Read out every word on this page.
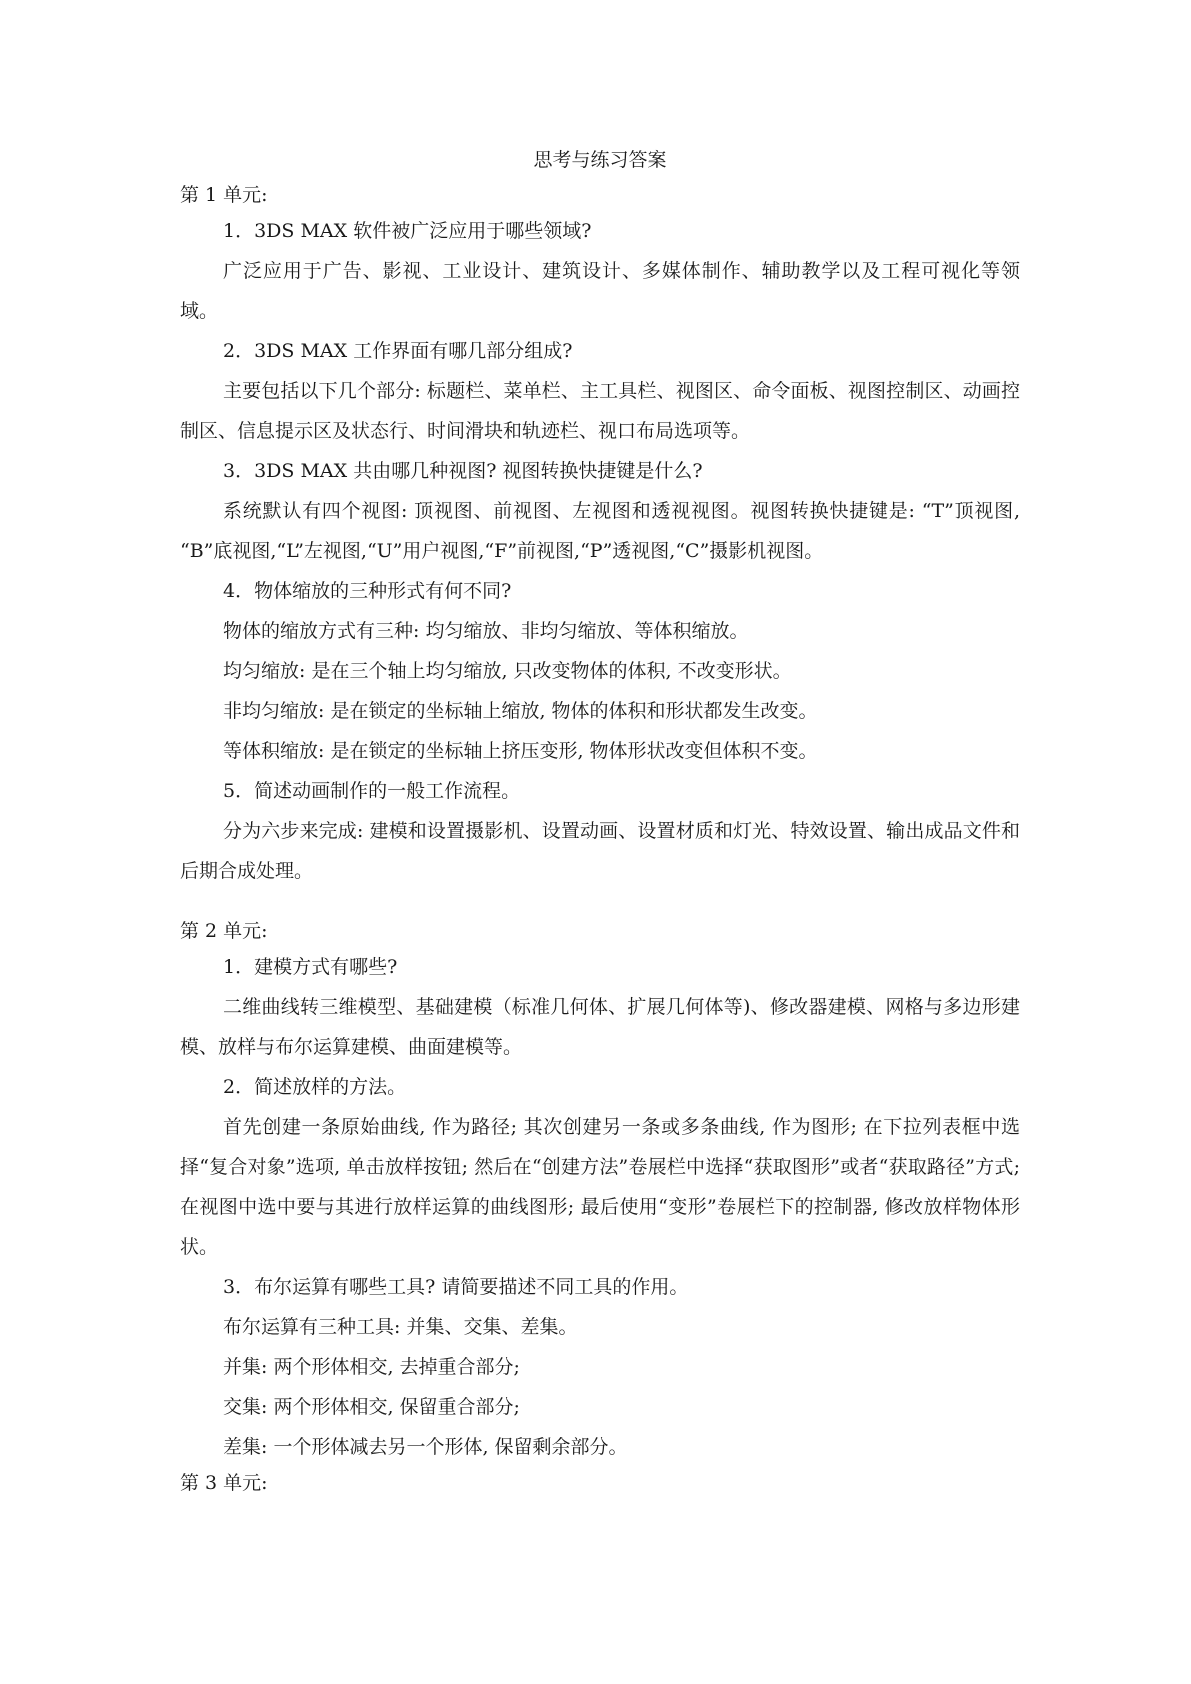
思考与练习答案

第 1 单元:

1．3DS MAX 软件被广泛应用于哪些领域?

广泛应用于广告、影视、工业设计、建筑设计、多媒体制作、辅助教学以及工程可视化等领域。

2．3DS MAX 工作界面有哪几部分组成?

主要包括以下几个部分: 标题栏、菜单栏、主工具栏、视图区、命令面板、视图控制区、动画控制区、信息提示区及状态行、时间滑块和轨迹栏、视口布局选项等。

3．3DS MAX 共由哪几种视图? 视图转换快捷键是什么?

系统默认有四个视图: 顶视图、前视图、左视图和透视视图。视图转换快捷键是: “T”顶视图, “B”底视图,“L”左视图,“U”用户视图,“F”前视图,“P”透视图,“C”摄影机视图。

4．物体缩放的三种形式有何不同?

物体的缩放方式有三种: 均匀缩放、非均匀缩放、等体积缩放。

均匀缩放: 是在三个轴上均匀缩放, 只改变物体的体积, 不改变形状。

非均匀缩放: 是在锁定的坐标轴上缩放, 物体的体积和形状都发生改变。

等体积缩放: 是在锁定的坐标轴上挤压变形, 物体形状改变但体积不变。

5．简述动画制作的一般工作流程。

分为六步来完成: 建模和设置摄影机、设置动画、设置材质和灯光、特效设置、输出成品文件和后期合成处理。

第 2 单元:

1．建模方式有哪些?

二维曲线转三维模型、基础建模（标准几何体、扩展几何体等)、修改器建模、网格与多边形建模、放样与布尔运算建模、曲面建模等。

2．简述放样的方法。

首先创建一条原始曲线, 作为路径; 其次创建另一条或多条曲线, 作为图形; 在下拉列表框中选择“复合对象”选项, 单击放样按钮; 然后在“创建方法”卷展栏中选择“获取图形”或者“获取路径”方式; 在视图中选中要与其进行放样运算的曲线图形; 最后使用“变形”卷展栏下的控制器, 修改放样物体形状。

3．布尔运算有哪些工具? 请简要描述不同工具的作用。

布尔运算有三种工具: 并集、交集、差集。

并集: 两个形体相交, 去掉重合部分;

交集: 两个形体相交, 保留重合部分;

差集: 一个形体减去另一个形体, 保留剩余部分。

第 3 单元:
